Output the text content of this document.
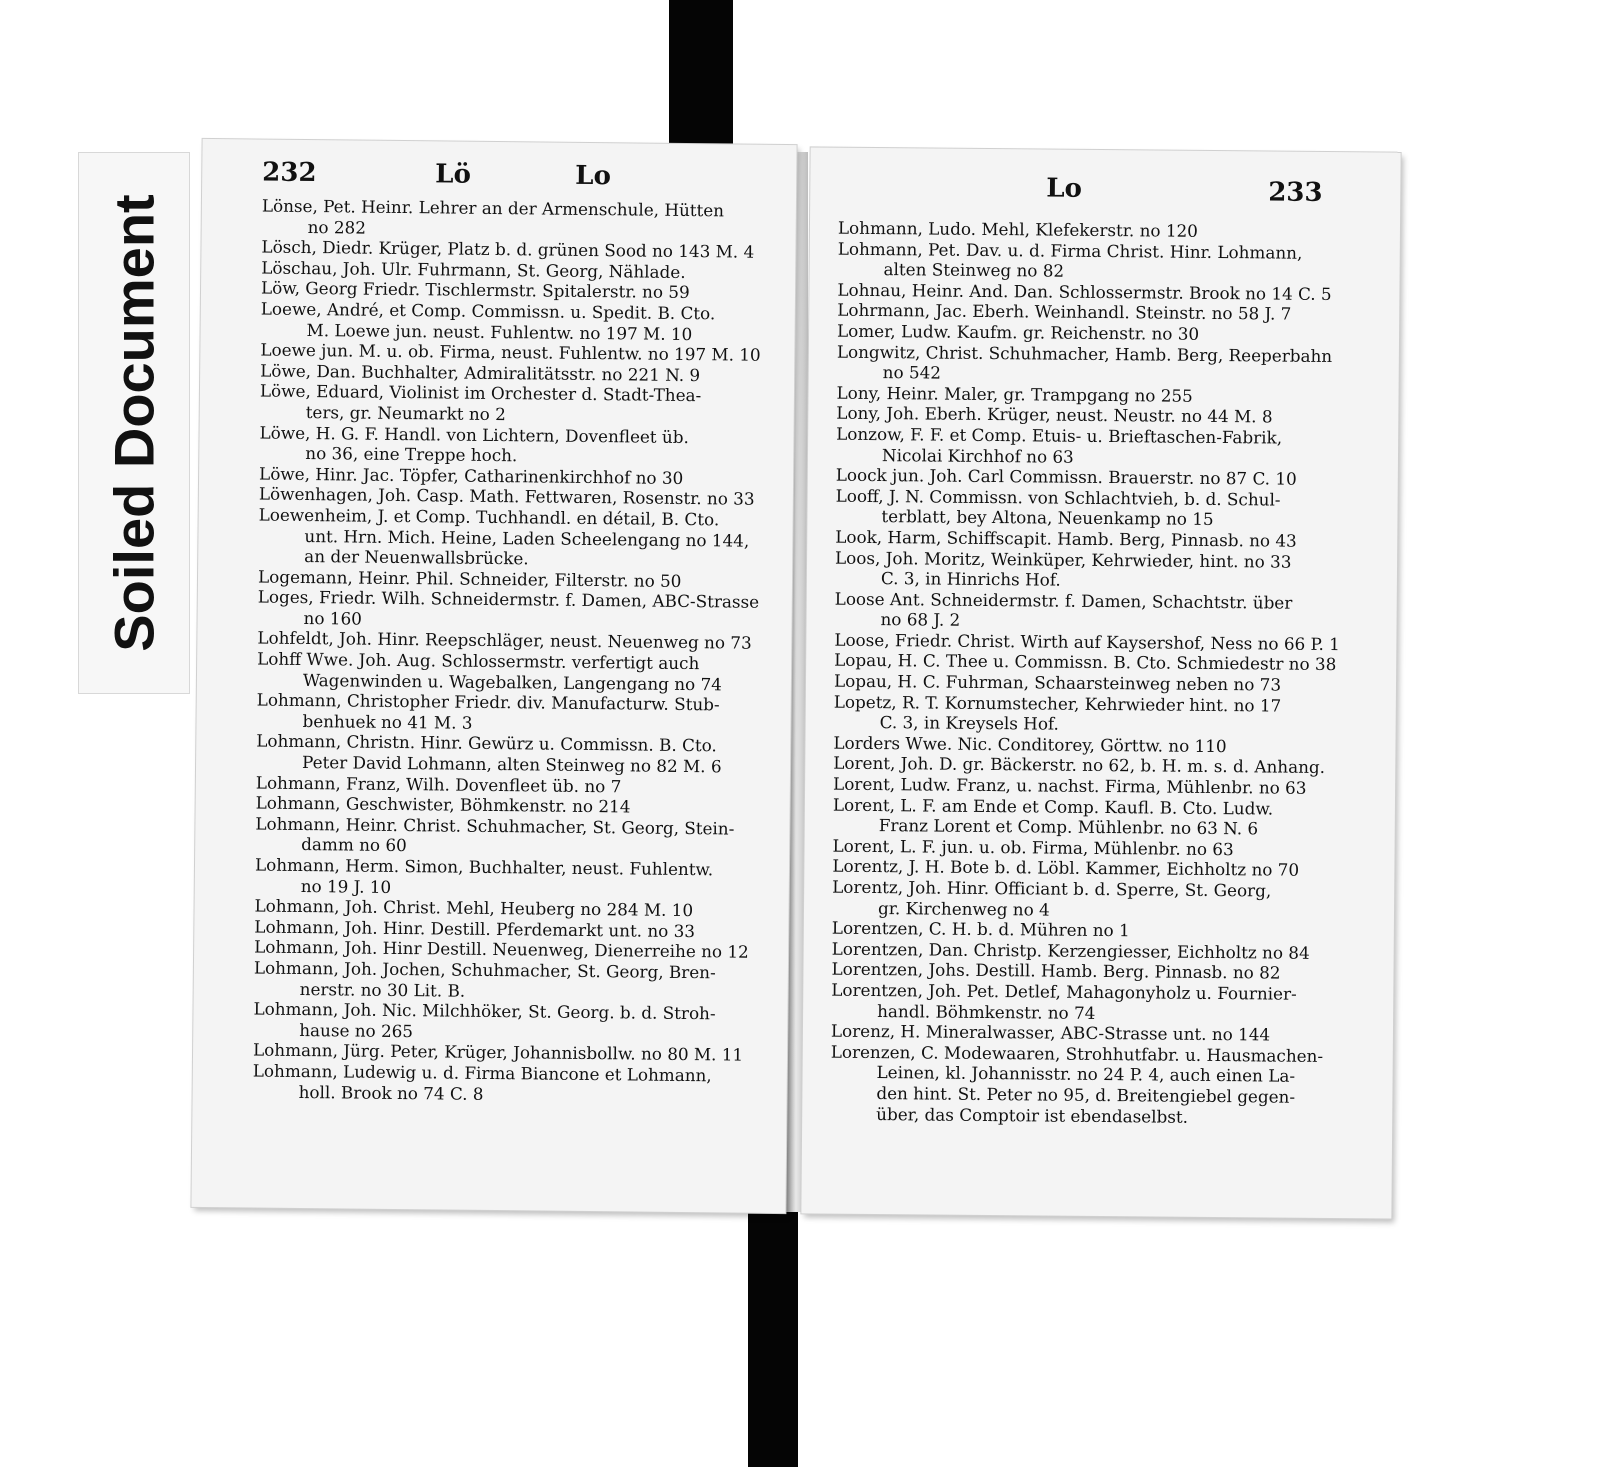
Soiled Document
232	Lö	Lo
Lönse, Pet. Heinr. Lehrer an der Armenschule, Hütten
no 282
Lösch, Diedr. Krüger, Platz b. d. grünen Sood no 143 M. 4
Löschau, Joh. Ulr. Fuhrmann, St. Georg, Nählade.
Löw, Georg Friedr. Tischlermstr. Spitalerstr. no 59
Loewe, André, et Comp. Commissn. u. Spedit. B. Cto.
M. Loewe jun. neust. Fuhlentw. no 197 M. 10
Loewe jun. M. u. ob. Firma, neust. Fuhlentw. no 197 M. 10
Löwe, Dan. Buchhalter, Admiralitätsstr. no 221 N. 9
Löwe, Eduard, Violinist im Orchester d. Stadt-Thea-
ters, gr. Neumarkt no 2
Löwe, H. G. F. Handl. von Lichtern, Dovenfleet üb.
no 36, eine Treppe hoch.
Löwe, Hinr. Jac. Töpfer, Catharinenkirchhof no 30
Löwenhagen, Joh. Casp. Math. Fettwaren, Rosenstr. no 33
Loewenheim, J. et Comp. Tuchhandl. en détail, B. Cto.
unt. Hrn. Mich. Heine, Laden Scheelengang no 144,
an der Neuenwallsbrücke.
Logemann, Heinr. Phil. Schneider, Filterstr. no 50
Loges, Friedr. Wilh. Schneidermstr. f. Damen, ABC-Strasse
no 160
Lohfeldt, Joh. Hinr. Reepschläger, neust. Neuenweg no 73
Lohff Wwe. Joh. Aug. Schlossermstr. verfertigt auch
Wagenwinden u. Wagebalken, Langengang no 74
Lohmann, Christopher Friedr. div. Manufacturw. Stub-
benhuek no 41 M. 3
Lohmann, Christn. Hinr. Gewürz u. Commissn. B. Cto.
Peter David Lohmann, alten Steinweg no 82 M. 6
Lohmann, Franz, Wilh. Dovenfleet üb. no 7
Lohmann, Geschwister, Böhmkenstr. no 214
Lohmann, Heinr. Christ. Schuhmacher, St. Georg, Stein-
damm no 60
Lohmann, Herm. Simon, Buchhalter, neust. Fuhlentw.
no 19 J. 10
Lohmann, Joh. Christ. Mehl, Heuberg no 284 M. 10
Lohmann, Joh. Hinr. Destill. Pferdemarkt unt. no 33
Lohmann, Joh. Hinr Destill. Neuenweg, Dienerreihe no 12
Lohmann, Joh. Jochen, Schuhmacher, St. Georg, Bren-
nerstr. no 30 Lit. B.
Lohmann, Joh. Nic. Milchhöker, St. Georg. b. d. Stroh-
hause no 265
Lohmann, Jürg. Peter, Krüger, Johannisbollw. no 80 M. 11
Lohmann, Ludewig u. d. Firma Biancone et Lohmann,
holl. Brook no 74 C. 8
Lo	233
Lohmann, Ludo. Mehl, Klefekerstr. no 120
Lohmann, Pet. Dav. u. d. Firma Christ. Hinr. Lohmann,
alten Steinweg no 82
Lohnau, Heinr. And. Dan. Schlossermstr. Brook no 14 C. 5
Lohrmann, Jac. Eberh. Weinhandl. Steinstr. no 58 J. 7
Lomer, Ludw. Kaufm. gr. Reichenstr. no 30
Longwitz, Christ. Schuhmacher, Hamb. Berg, Reeperbahn
no 542
Lony, Heinr. Maler, gr. Trampgang no 255
Lony, Joh. Eberh. Krüger, neust. Neustr. no 44 M. 8
Lonzow, F. F. et Comp. Etuis- u. Brieftaschen-Fabrik,
Nicolai Kirchhof no 63
Loock jun. Joh. Carl Commissn. Brauerstr. no 87 C. 10
Looff, J. N. Commissn. von Schlachtvieh, b. d. Schul-
terblatt, bey Altona, Neuenkamp no 15
Look, Harm, Schiffscapit. Hamb. Berg, Pinnasb. no 43
Loos, Joh. Moritz, Weinküper, Kehrwieder, hint. no 33
C. 3, in Hinrichs Hof.
Loose Ant. Schneidermstr. f. Damen, Schachtstr. über
no 68 J. 2
Loose, Friedr. Christ. Wirth auf Kaysershof, Ness no 66 P. 1
Lopau, H. C. Thee u. Commissn. B. Cto. Schmiedestr no 38
Lopau, H. C. Fuhrman, Schaarsteinweg neben no 73
Lopetz, R. T. Kornumstecher, Kehrwieder hint. no 17
C. 3, in Kreysels Hof.
Lorders Wwe. Nic. Conditorey, Görttw. no 110
Lorent, Joh. D. gr. Bäckerstr. no 62, b. H. m. s. d. Anhang.
Lorent, Ludw. Franz, u. nachst. Firma, Mühlenbr. no 63
Lorent, L. F. am Ende et Comp. Kaufl. B. Cto. Ludw.
Franz Lorent et Comp. Mühlenbr. no 63 N. 6
Lorent, L. F. jun. u. ob. Firma, Mühlenbr. no 63
Lorentz, J. H. Bote b. d. Löbl. Kammer, Eichholtz no 70
Lorentz, Joh. Hinr. Officiant b. d. Sperre, St. Georg,
gr. Kirchenweg no 4
Lorentzen, C. H. b. d. Mühren no 1
Lorentzen, Dan. Christp. Kerzengiesser, Eichholtz no 84
Lorentzen, Johs. Destill. Hamb. Berg. Pinnasb. no 82
Lorentzen, Joh. Pet. Detlef, Mahagonyholz u. Fournier-
handl. Böhmkenstr. no 74
Lorenz, H. Mineralwasser, ABC-Strasse unt. no 144
Lorenzen, C. Modewaaren, Strohhutfabr. u. Hausmachen-
Leinen, kl. Johannisstr. no 24 P. 4, auch einen La-
den hint. St. Peter no 95, d. Breitengiebel gegen-
über, das Comptoir ist ebendaselbst.
